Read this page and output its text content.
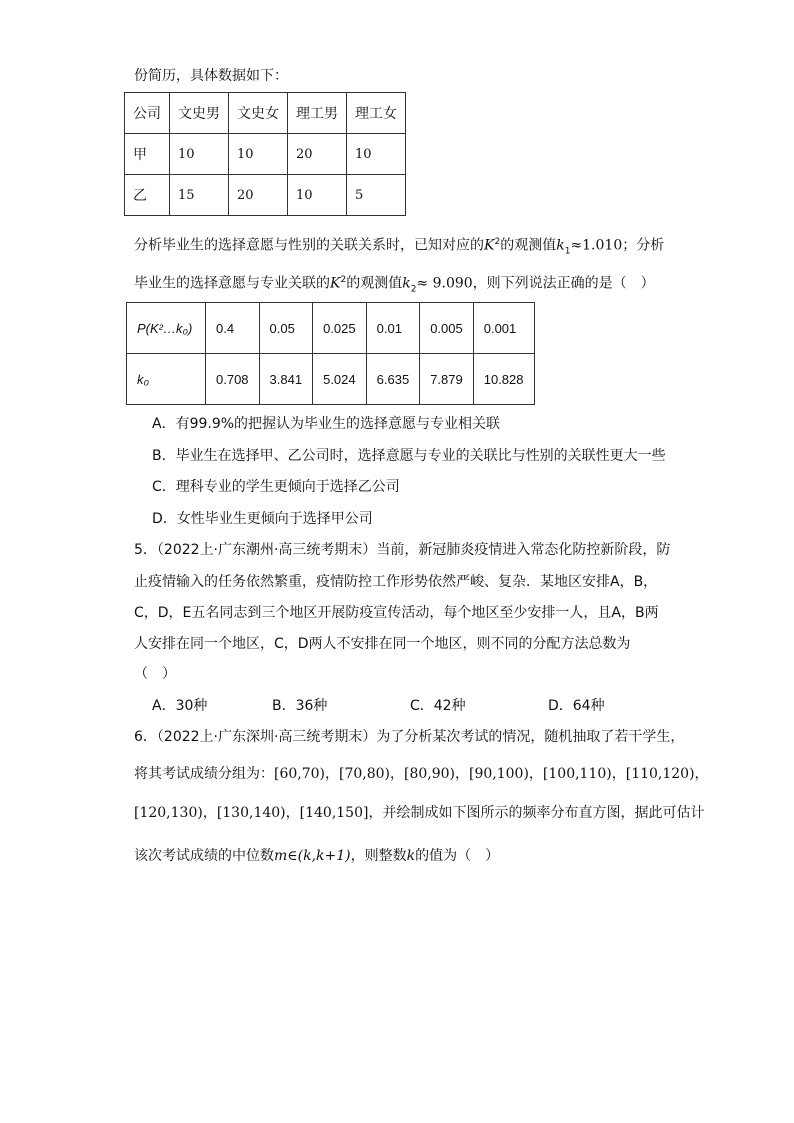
份简历，具体数据如下：
公司	文史男	文史女	理工男	理工女
甲	10	10	20	10
乙	15	20	10	5
分析毕业生的选择意愿与性别的关联关系时，已知对应的$K^2$的观测值$k_1\approx 1.010$；分析
毕业生的选择意愿与专业关联的$K^2$的观测值$k_2\approx 9.090$，则下列说法正确的是（　）
P(K²…k₀)	0.4	0.05	0.025	0.01	0.005	0.001
k₀	0.708	3.841	5.024	6.635	7.879	10.828
A．有99.9%的把握认为毕业生的选择意愿与专业相关联
B．毕业生在选择甲、乙公司时，选择意愿与专业的关联比与性别的关联性更大一些
C．理科专业的学生更倾向于选择乙公司
D．女性毕业生更倾向于选择甲公司
5．（2022上·广东潮州·高三统考期末）当前，新冠肺炎疫情进入常态化防控新阶段，防
止疫情输入的任务依然繁重，疫情防控工作形势依然严峻、复杂．某地区安排A，B，
C，D，E五名同志到三个地区开展防疫宣传活动，每个地区至少安排一人，且A，B两
人安排在同一个地区，C，D两人不安排在同一个地区，则不同的分配方法总数为
（　）
A．30种	B．36种	C．42种	D．64种
6．（2022上·广东深圳·高三统考期末）为了分析某次考试的情况，随机抽取了若干学生，
将其考试成绩分组为：[60,70)，[70,80)，[80,90)，[90,100)，[100,110)，[110,120)，
[120,130)，[130,140)，[140,150]，并绘制成如下图所示的频率分布直方图，据此可估计
该次考试成绩的中位数m∈(k,k+1)，则整数k的值为（　）
